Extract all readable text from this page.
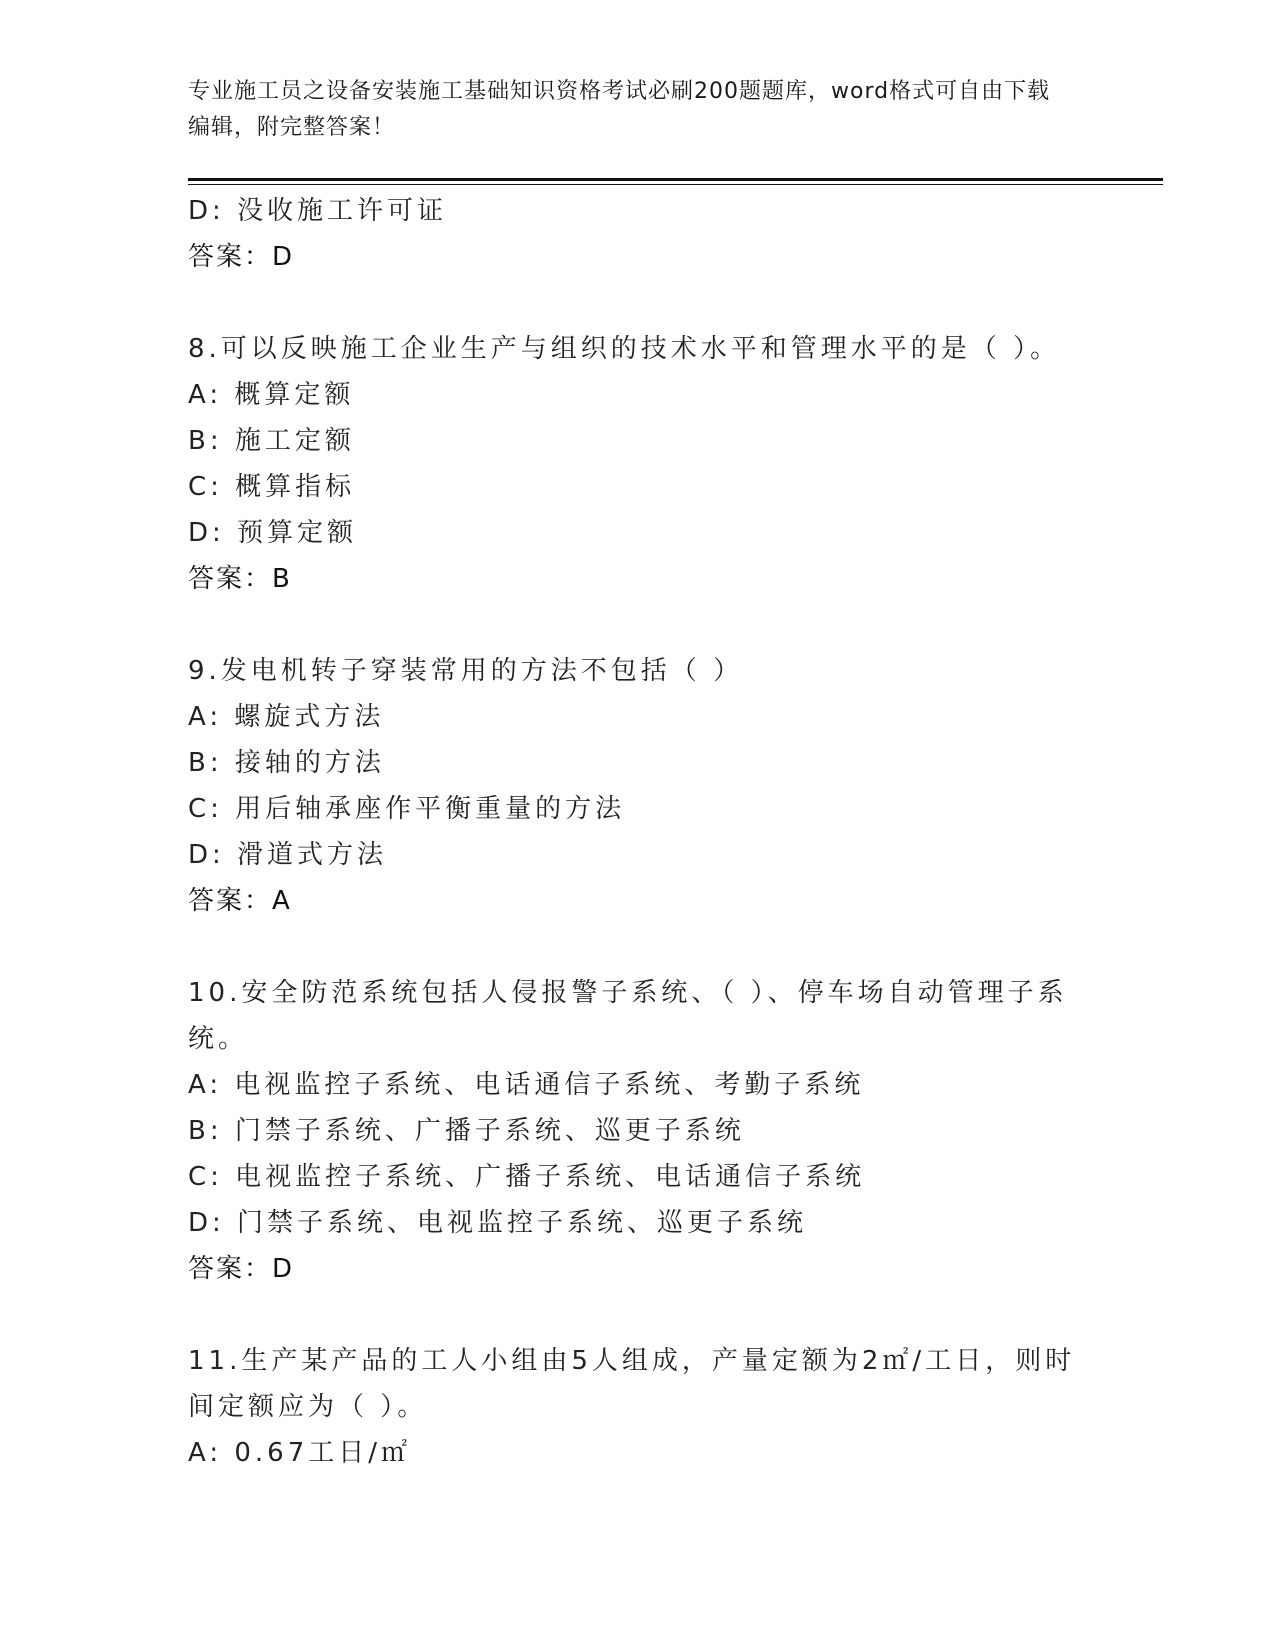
专业施工员之设备安装施工基础知识资格考试必刷200题题库，word格式可自由下载编辑，附完整答案！
D: 没收施工许可证
答案：D
8.可以反映施工企业生产与组织的技术水平和管理水平的是（ ）。
A: 概算定额
B: 施工定额
C: 概算指标
D: 预算定额
答案：B
9.发电机转子穿装常用的方法不包括（ ）
A: 螺旋式方法
B: 接轴的方法
C: 用后轴承座作平衡重量的方法
D: 滑道式方法
答案：A
10.安全防范系统包括人侵报警子系统、（ ）、停车场自动管理子系统。
A: 电视监控子系统、电话通信子系统、考勤子系统
B: 门禁子系统、广播子系统、巡更子系统
C: 电视监控子系统、广播子系统、电话通信子系统
D: 门禁子系统、电视监控子系统、巡更子系统
答案：D
11.生产某产品的工人小组由5人组成，产量定额为2㎡/工日，则时间定额应为（ ）。
A: 0.67工日/㎡
